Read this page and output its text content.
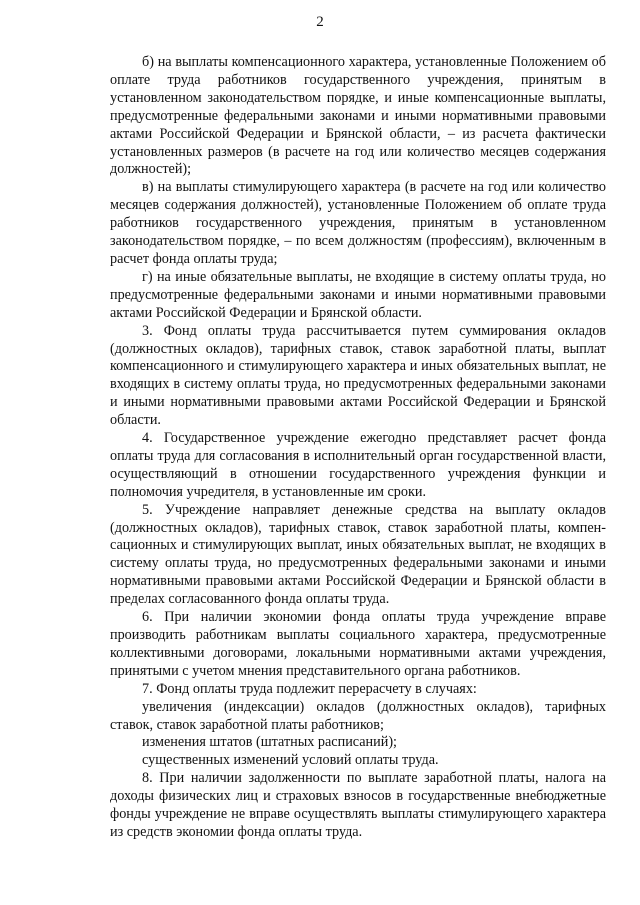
2

б) на выплаты компенсационного характера, установленные Положением об оплате труда работников государственного учреждения, принятым в установленном законодательством порядке, и иные компенсационные выплаты, предусмотренные федеральными законами и иными нормативными правовыми актами Российской Федерации и Брянской области, – из расчета фактически установленных размеров (в расчете на год или количество месяцев содержания должностей);

в) на выплаты стимулирующего характера (в расчете на год или количество месяцев содержания должностей), установленные Положением об оплате труда работников государственного учреждения, принятым в установленном законодательством порядке, – по всем должностям (профессиям), включенным в расчет фонда оплаты труда;

г) на иные обязательные выплаты, не входящие в систему оплаты труда, но предусмотренные федеральными законами и иными нормативными правовыми актами Российской Федерации и Брянской области.

3. Фонд оплаты труда рассчитывается путем суммирования окладов (должностных окладов), тарифных ставок, ставок заработной платы, выплат компенсационного и стимулирующего характера и иных обязательных выплат, не входящих в систему оплаты труда, но предусмотренных федеральными законами и иными нормативными правовыми актами Российской Федерации и Брянской области.

4. Государственное учреждение ежегодно представляет расчет фонда оплаты труда для согласования в исполнительный орган государственной власти, осуществляющий в отношении государственного учреждения функции и полномочия учредителя, в установленные им сроки.

5. Учреждение направляет денежные средства на выплату окладов (должностных окладов), тарифных ставок, ставок заработной платы, компенсационных и стимулирующих выплат, иных обязательных выплат, не входящих в систему оплаты труда, но предусмотренных федеральными законами и иными нормативными правовыми актами Российской Федерации и Брянской области в пределах согласованного фонда оплаты труда.

6. При наличии экономии фонда оплаты труда учреждение вправе производить работникам выплаты социального характера, предусмотренные коллективными договорами, локальными нормативными актами учреждения, принятыми с учетом мнения представительного органа работников.

7. Фонд оплаты труда подлежит перерасчету в случаях:

увеличения (индексации) окладов (должностных окладов), тарифных ставок, ставок заработной платы работников;

изменения штатов (штатных расписаний);

существенных изменений условий оплаты труда.

8. При наличии задолженности по выплате заработной платы, налога на доходы физических лиц и страховых взносов в государственные внебюджетные фонды учреждение не вправе осуществлять выплаты стимулирующего характера из средств экономии фонда оплаты труда.
